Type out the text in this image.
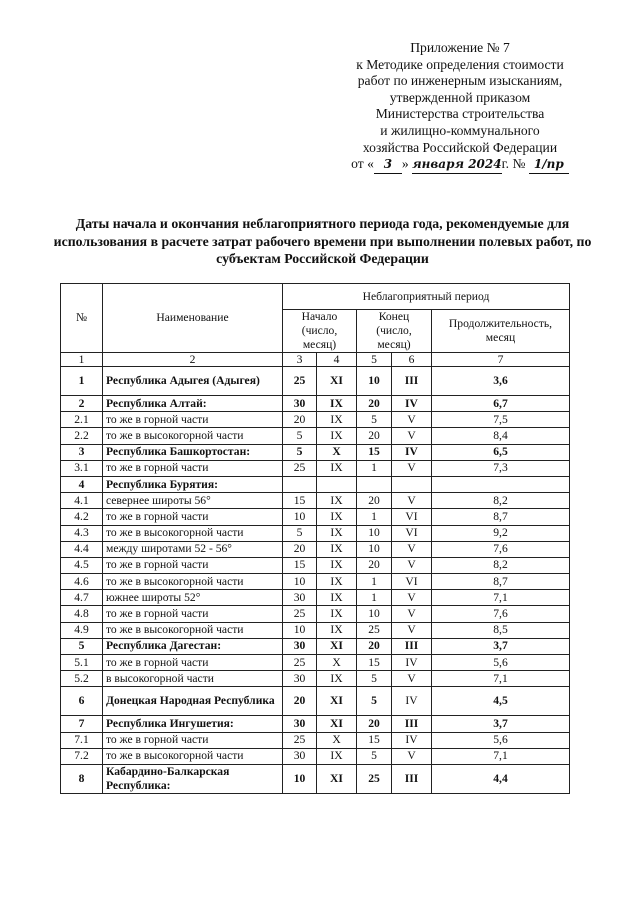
Приложение № 7
к Методике определения стоимости
работ по инженерным изысканиям,
утвержденной приказом
Министерства строительства
и жилищно-коммунального
хозяйства Российской Федерации
от « 3 » января 2024г. № 1/пр
Даты начала и окончания неблагоприятного периода года, рекомендуемые для использования в расчете затрат рабочего времени при выполнении полевых работ, по субъектам Российской Федерации
№	Наименование	Неблагоприятный период				
		Начало (число, месяц)		Конец (число, месяц)		Продолжительность, месяц
1	2	3	4	5	6	7
1	Республика Адыгея (Адыгея)	25	XI	10	III	3,6
2	Республика Алтай:	30	IX	20	IV	6,7
2.1	то же в горной части	20	IX	5	V	7,5
2.2	то же в высокогорной части	5	IX	20	V	8,4
3	Республика Башкортостан:	5	X	15	IV	6,5
3.1	то же в горной части	25	IX	1	V	7,3
4	Республика Бурятия:					
4.1	севернее широты 56°	15	IX	20	V	8,2
4.2	то же в горной части	10	IX	1	VI	8,7
4.3	то же в высокогорной части	5	IX	10	VI	9,2
4.4	между широтами 52 - 56°	20	IX	10	V	7,6
4.5	то же в горной части	15	IX	20	V	8,2
4.6	то же в высокогорной части	10	IX	1	VI	8,7
4.7	южнее широты 52°	30	IX	1	V	7,1
4.8	то же в горной части	25	IX	10	V	7,6
4.9	то же в высокогорной части	10	IX	25	V	8,5
5	Республика Дагестан:	30	XI	20	III	3,7
5.1	то же в горной части	25	X	15	IV	5,6
5.2	в высокогорной части	30	IX	5	V	7,1
6	Донецкая Народная Республика	20	XI	5	IV	4,5
7	Республика Ингушетия:	30	XI	20	III	3,7
7.1	то же в горной части	25	X	15	IV	5,6
7.2	то же в высокогорной части	30	IX	5	V	7,1
8	Кабардино-Балкарская Республика:	10	XI	25	III	4,4
